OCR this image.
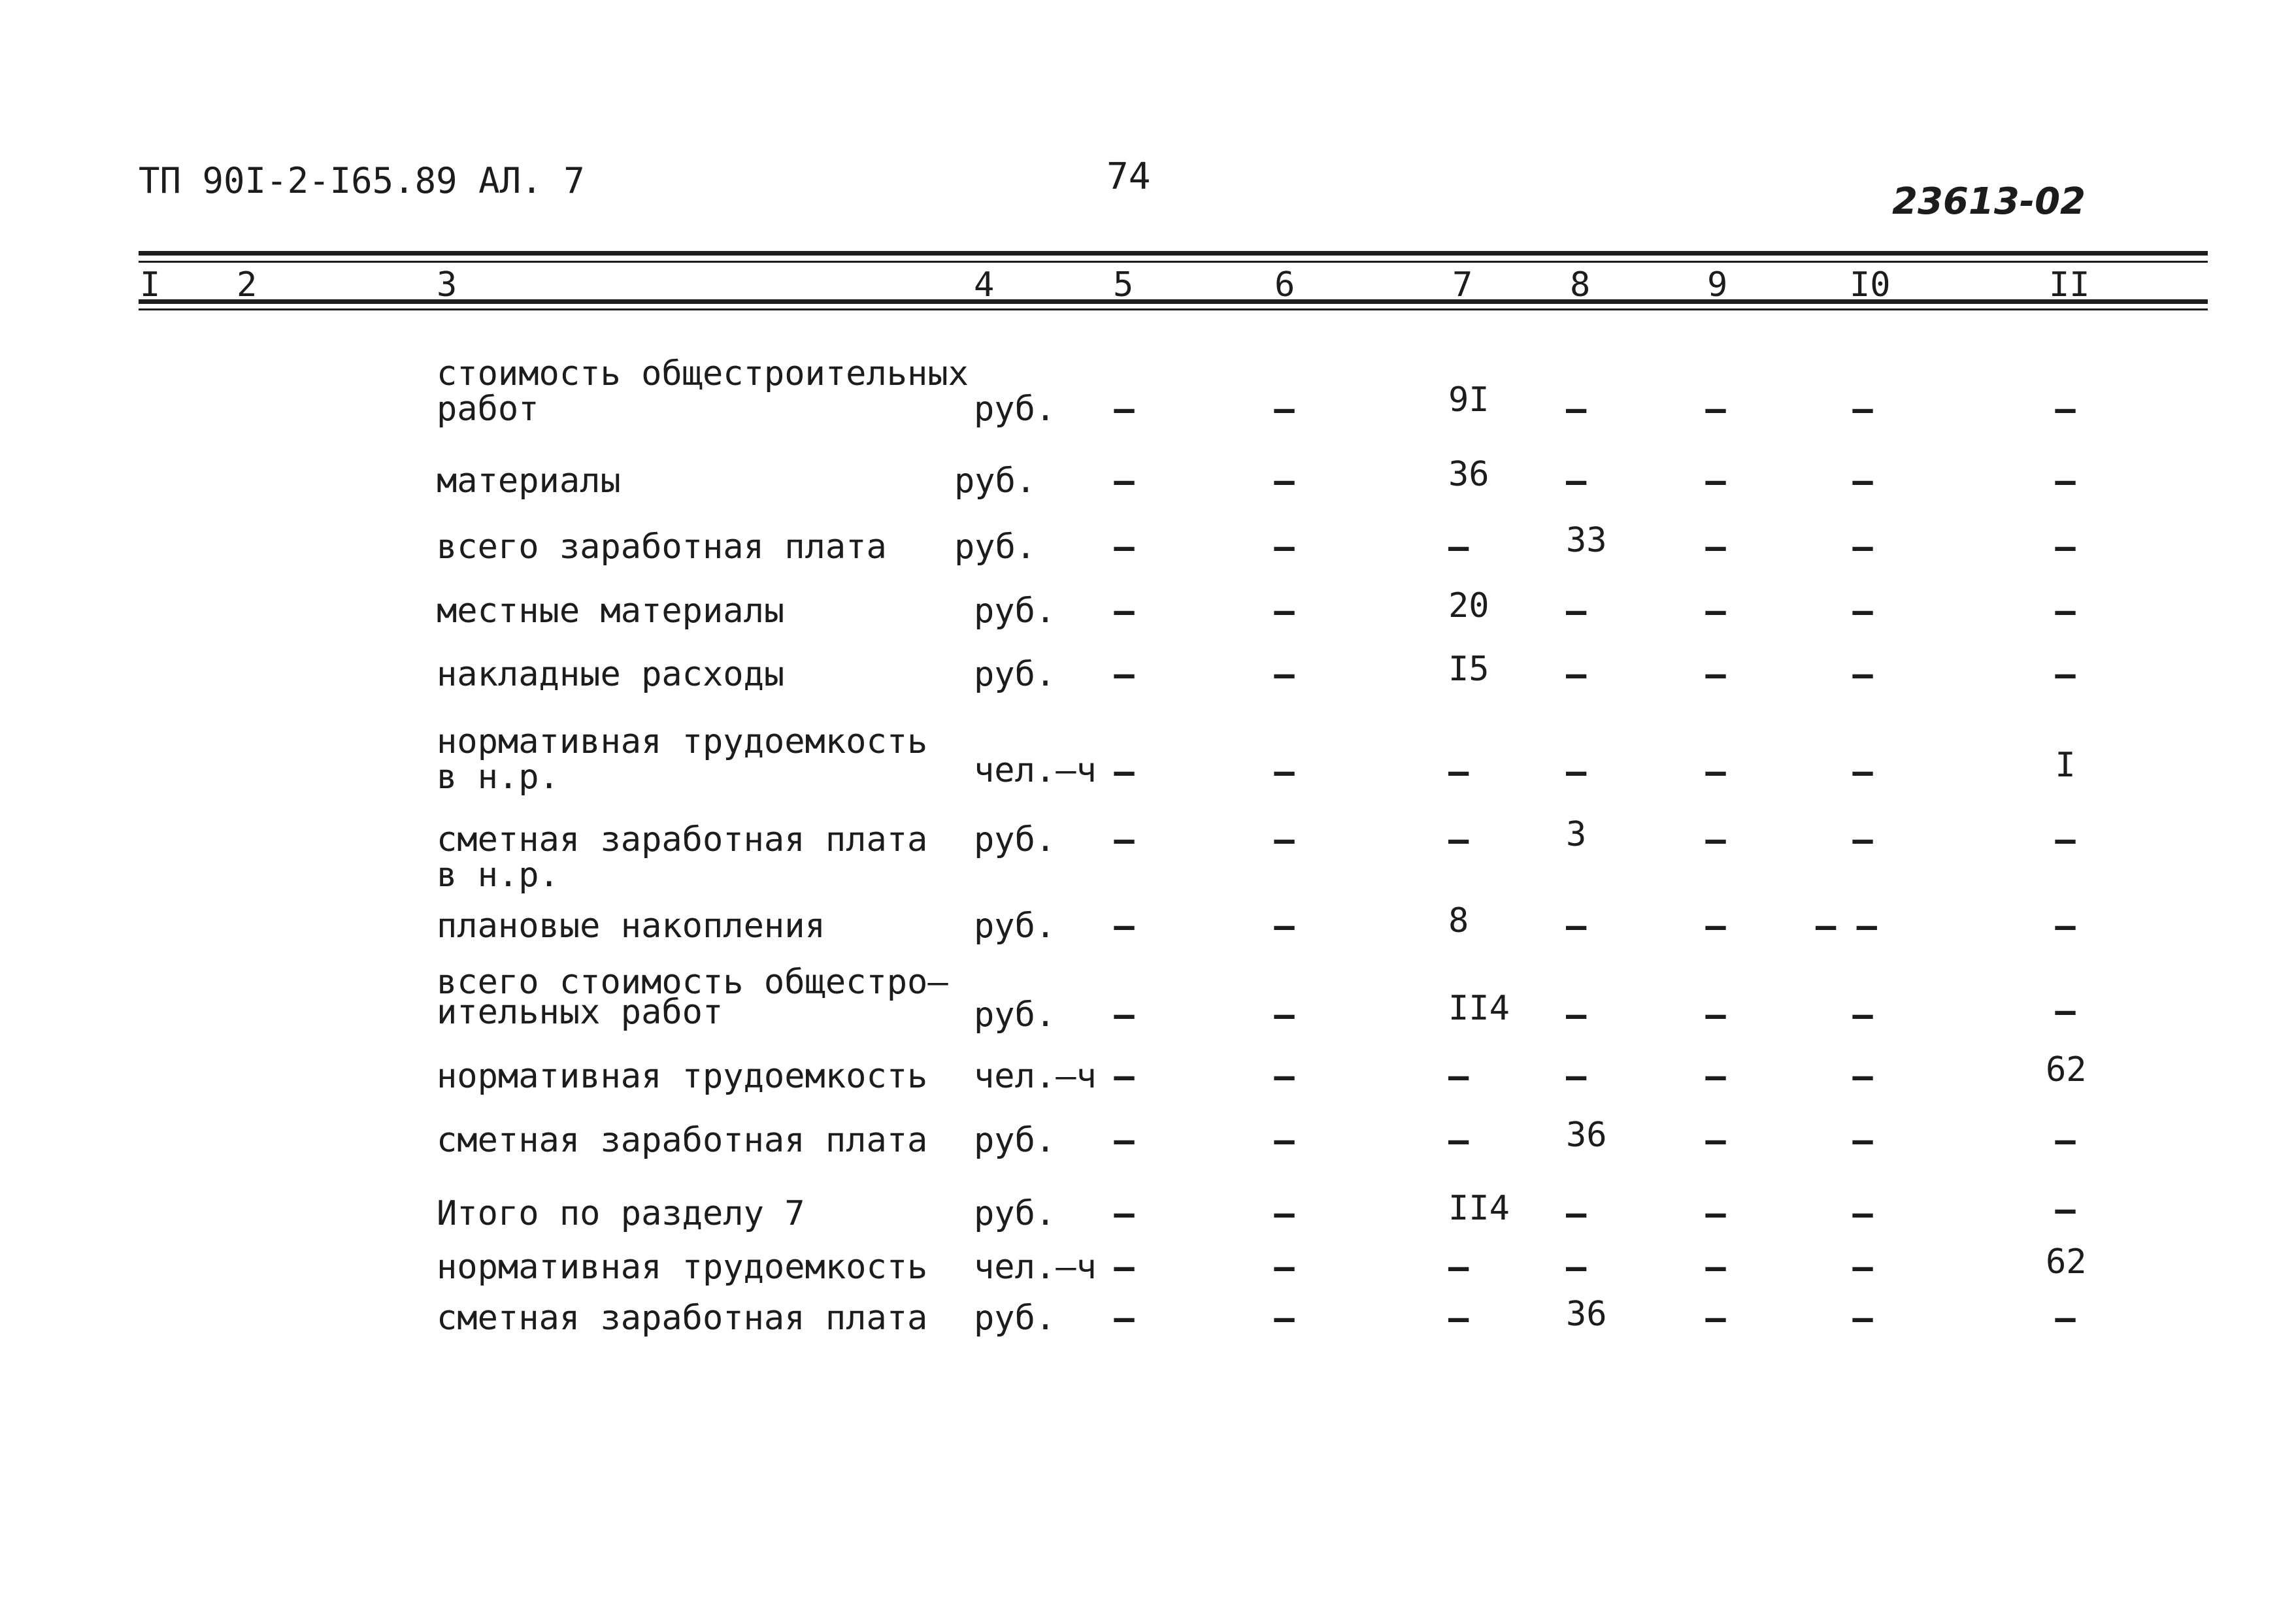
ТП 90I-2-I65.89 АЛ. 7	74
23613-02
I 2	3	4	5	6	7	8	9	I0	II
стоимость общестроительных
работ	руб. –	–	9I –	–	–	–
материалы	руб. –	–	36 –	–	–	–
всего заработная плата руб. –	–	–	33	–	–	–
местные материалы	руб. –	–	20 –	–	–	–
накладные расходы	руб. –	–	I5 –	–	–	–
нормативная трудоемкость
в н.р.	чел.–ч –	–	–	–	–	–	I
сметная заработная плата
в н.р.
руб. –	–	–	3	–	–	–
плановые накопления	руб. –	–	8	–	–	– –	–
всего стоимость общестро–
ительных работ	руб. –	–	II4 –	–	–	–
нормативная трудоемкость чел.–ч –	–	–	–	–	–	62
сметная заработная плата руб. –	–	–	36	–	–	–
Итого по разделу 7	руб. –	–	II4 –	–	–	–
нормативная трудоемкость чел.–ч –	–	–	–	–	–	62
сметная заработная плата руб. –	–	–	36	–	–	–
